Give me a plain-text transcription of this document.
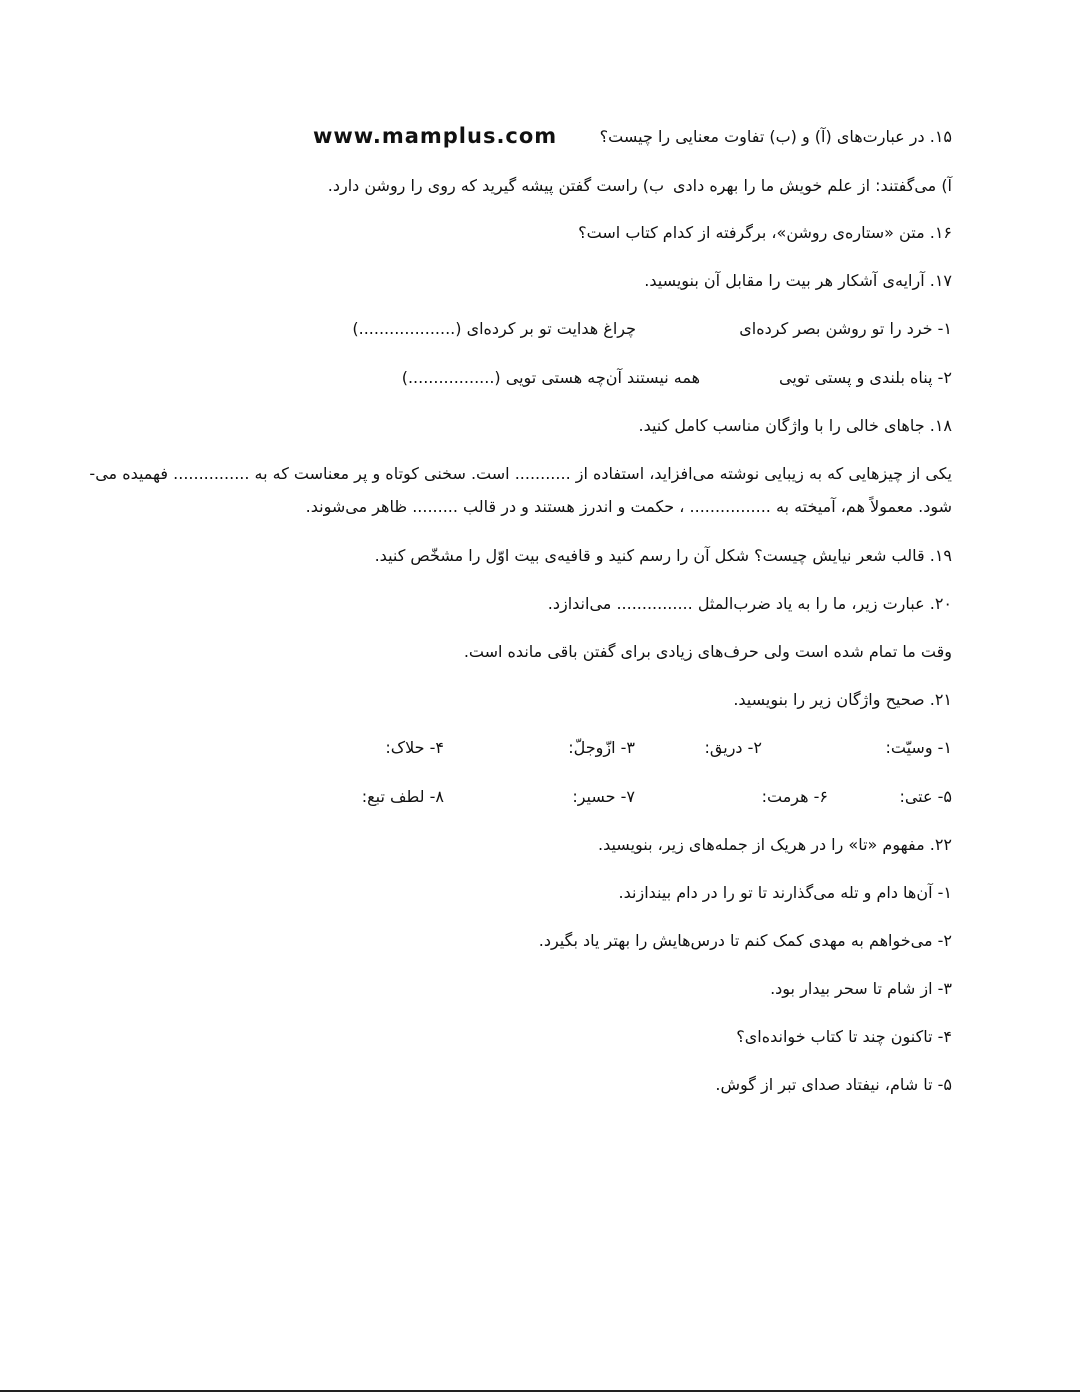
www.mamplus.com	۱۵. در عبارت‌های (آ) و (ب) تفاوت معنایی را چیست؟
آ) می‌گفتند: از علم خویش ما را بهره دادی
ب) راست گفتن پیشه گیرید که روی را روشن دارد.
۱۶. متن «ستاره‌ی روشن»، برگرفته از کدام کتاب است؟
۱۷. آرایه‌ی آشکار هر بیت را مقابل آن بنویسید.
۱- خرد را تو روشن بصر کرده‌ای
چراغ هدایت تو بر کرده‌ای (...................)
۲- پناه بلندی و پستی تویی
همه نیستند آن‌چه هستی تویی (.................)
۱۸. جاهای خالی را با واژگان مناسب کامل کنید.
یکی از چیزهایی که به زیبایی نوشته می‌افزاید، استفاده از ........... است. سخنی کوتاه و پر معناست که به ............... فهمیده می-
شود. معمولاً هم، آمیخته به ................ ، حکمت و اندرز هستند و در قالب ......... ظاهر می‌شوند.
۱۹. قالب شعر نیایش چیست؟ شکل آن را رسم کنید و قافیه‌ی بیت اوّل را مشخّص کنید.
۲۰. عبارت زیر، ما را به یاد ضرب‌المثل ............... می‌اندازد.
وقت ما تمام شده است ولی حرف‌های زیادی برای گفتن باقی مانده است.
۲۱. صحیح واژگان زیر را بنویسید.
۱- وسیّت:
۲- دریق:
۳- ازّوجلّ:
۴- حلاک:
۵- عتی:
۶- هرمت:
۷- حسیر:
۸- لطف تبع:
۲۲. مفهوم «تا» را در هریک از جمله‌های زیر، بنویسید.
۱- آن‌ها دام و تله می‌گذارند تا تو را در دام بیندازند.
۲- می‌خواهم به مهدی کمک کنم تا درس‌هایش را بهتر یاد بگیرد.
۳- از شام تا سحر بیدار بود.
۴- تاکنون چند تا کتاب خوانده‌ای؟
۵- تا شام، نیفتاد صدای تبر از گوش.
